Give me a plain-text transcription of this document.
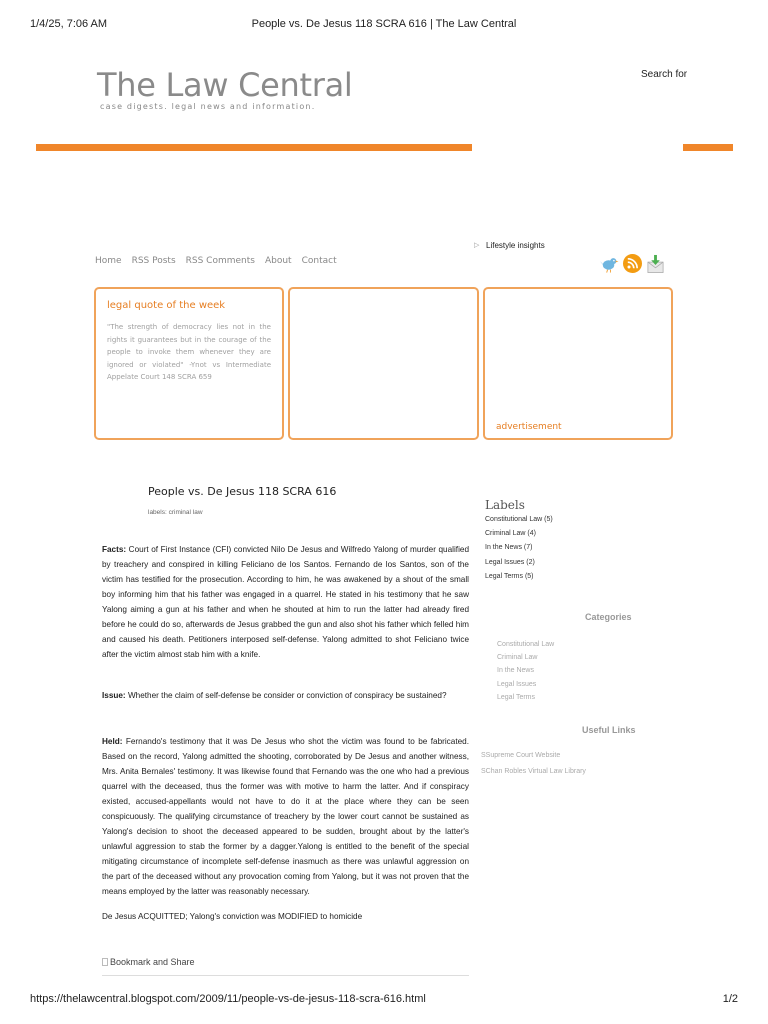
1/4/25, 7:06 AM	People vs. De Jesus 118 SCRA 616 | The Law Central
The Law Central
case digests. legal news and information.
Search for
▷ Lifestyle insights
Home RSS Posts RSS Comments About Contact
legal quote of the week
"The strength of democracy lies not in the rights it guarantees but in the courage of the people to invoke them whenever they are ignored or violated" -Ynot vs Intermediate Appelate Court 148 SCRA 659
advertisement
People vs. De Jesus 118 SCRA 616
labels: criminal law
Facts: Court of First Instance (CFI) convicted Nilo De Jesus and Wilfredo Yalong of murder qualified by treachery and conspired in killing Feliciano de los Santos. Fernando de los Santos, son of the victim has testified for the prosecution. According to him, he was awakened by a shout of the small boy informing him that his father was engaged in a quarrel. He stated in his testimony that he saw Yalong aiming a gun at his father and when he shouted at him to run the latter had already fired before he could do so, afterwards de Jesus grabbed the gun and also shot his father which felled him and caused his death. Petitioners interposed self-defense. Yalong admitted to shot Feliciano twice after the victim almost stab him with a knife.
Issue: Whether the claim of self-defense be consider or conviction of conspiracy be sustained?
Held: Fernando's testimony that it was De Jesus who shot the victim was found to be fabricated. Based on the record, Yalong admitted the shooting, corroborated by De Jesus and another witness, Mrs. Anita Bernales' testimony. It was likewise found that Fernando was the one who had a previous quarrel with the deceased, thus the former was with motive to harm the latter. And if conspiracy existed, accused-appellants would not have to do it at the place where they can be seen conspicuously. The qualifying circumstance of treachery by the lower court cannot be sustained as Yalong's decision to shoot the deceased appeared to be sudden, brought about by the latter's unlawful aggression to stab the former by a dagger.Yalong is entitled to the benefit of the special mitigating circumstance of incomplete self-defense inasmuch as there was unlawful aggression on the part of the deceased without any provocation coming from Yalong, but it was not proven that the means employed by the latter was reasonably necessary.
De Jesus ACQUITTED; Yalong's conviction was MODIFIED to homicide
Bookmark and Share
Labels
Constitutional Law (5)
Criminal Law (4)
In the News (7)
Legal Issues (2)
Legal Terms (5)
Categories
Constitutional Law
Criminal Law
In the News
Legal Issues
Legal Terms
Useful Links
SSupreme Court Website
SChan Robles Virtual Law Library
https://thelawcentral.blogspot.com/2009/11/people-vs-de-jesus-118-scra-616.html	1/2
